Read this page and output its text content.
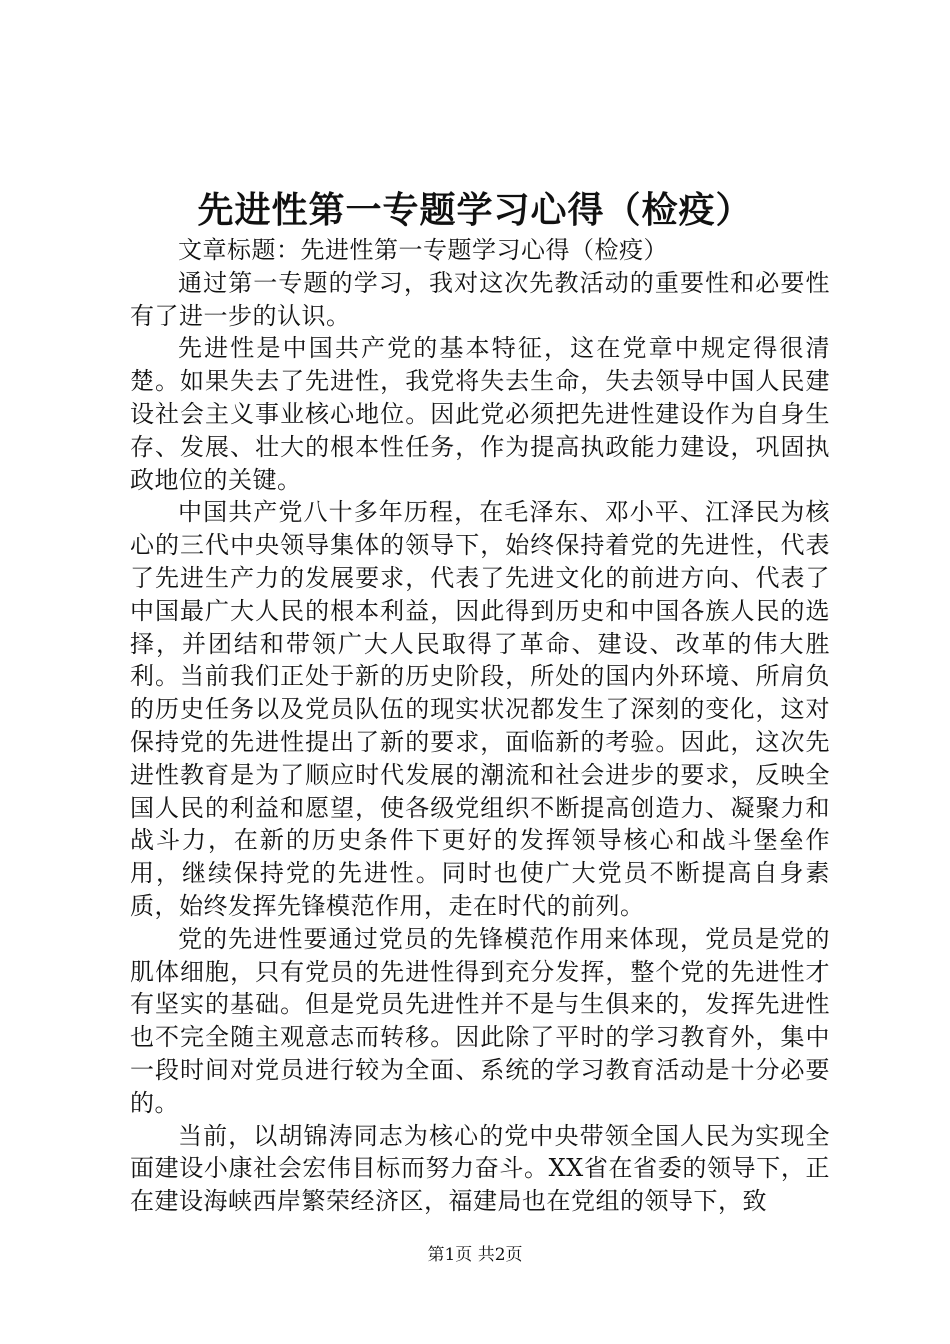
先进性第一专题学习心得（检疫）

文章标题：先进性第一专题学习心得（检疫）

通过第一专题的学习，我对这次先教活动的重要性和必要性有了进一步的认识。

先进性是中国共产党的基本特征，这在党章中规定得很清楚。如果失去了先进性，我党将失去生命，失去领导中国人民建设社会主义事业核心地位。因此党必须把先进性建设作为自身生存、发展、壮大的根本性任务，作为提高执政能力建设，巩固执政地位的关键。

中国共产党八十多年历程，在毛泽东、邓小平、江泽民为核心的三代中央领导集体的领导下，始终保持着党的先进性，代表了先进生产力的发展要求，代表了先进文化的前进方向、代表了中国最广大人民的根本利益，因此得到历史和中国各族人民的选择，并团结和带领广大人民取得了革命、建设、改革的伟大胜利。当前我们正处于新的历史阶段，所处的国内外环境、所肩负的历史任务以及党员队伍的现实状况都发生了深刻的变化，这对保持党的先进性提出了新的要求，面临新的考验。因此，这次先进性教育是为了顺应时代发展的潮流和社会进步的要求，反映全国人民的利益和愿望，使各级党组织不断提高创造力、凝聚力和战斗力，在新的历史条件下更好的发挥领导核心和战斗堡垒作用，继续保持党的先进性。同时也使广大党员不断提高自身素质，始终发挥先锋模范作用，走在时代的前列。

党的先进性要通过党员的先锋模范作用来体现，党员是党的肌体细胞，只有党员的先进性得到充分发挥，整个党的先进性才有坚实的基础。但是党员先进性并不是与生俱来的，发挥先进性也不完全随主观意志而转移。因此除了平时的学习教育外，集中一段时间对党员进行较为全面、系统的学习教育活动是十分必要的。

当前，以胡锦涛同志为核心的党中央带领全国人民为实现全面建设小康社会宏伟目标而努力奋斗。XX省在省委的领导下，正在建设海峡西岸繁荣经济区，福建局也在党组的领导下，致

第1页 共2页
